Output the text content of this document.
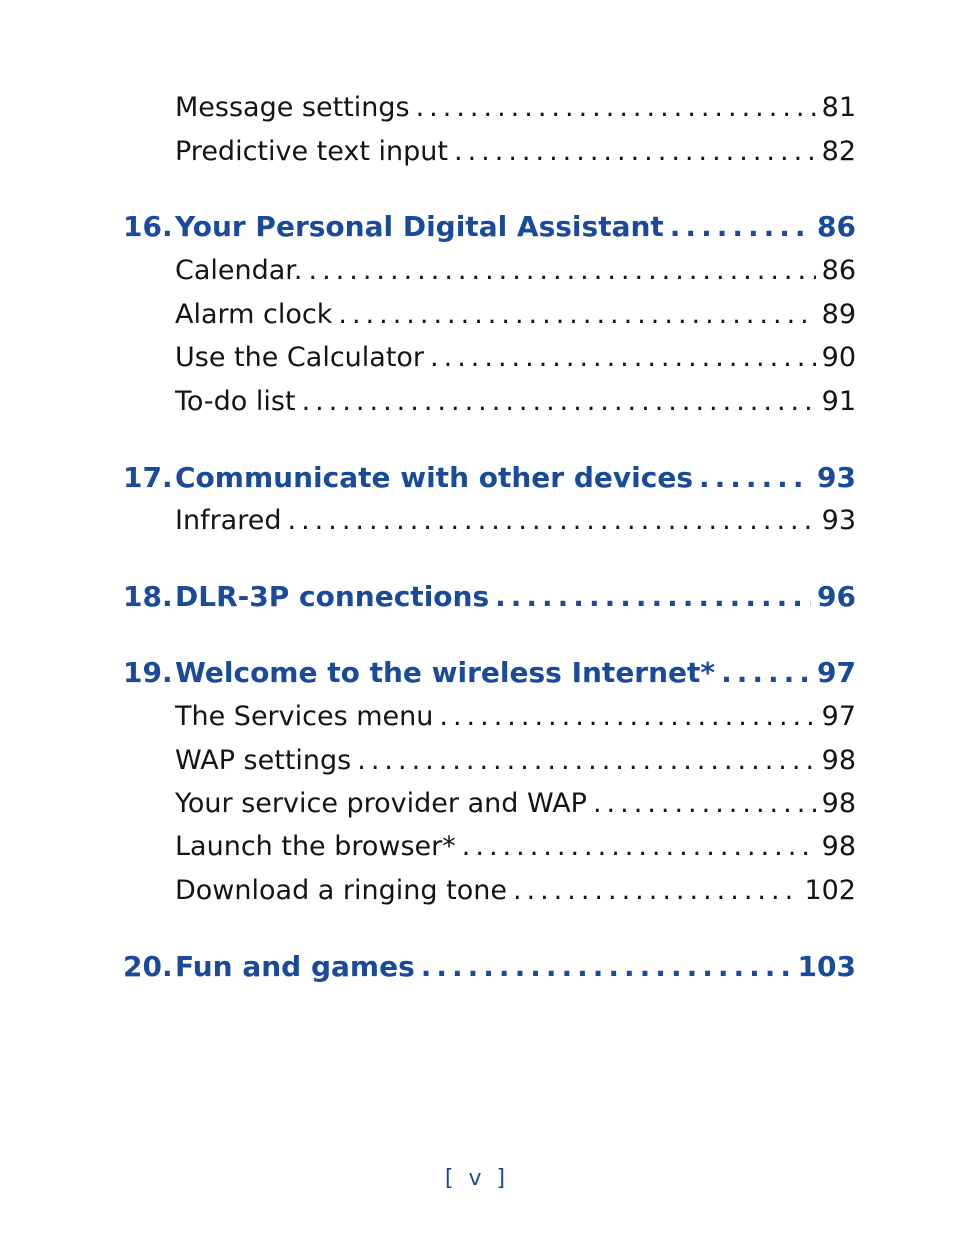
Message settings .....	81
Predictive text input .....	82
16. Your Personal Digital Assistant .....	86
Calendar. .....	86
Alarm clock .....	89
Use the Calculator .....	90
To-do list .....	91
17. Communicate with other devices .....	93
Infrared .....	93
18. DLR-3P connections .....	96
19. Welcome to the wireless Internet* .....	97
The Services menu .....	97
WAP settings .....	98
Your service provider and WAP .....	98
Launch the browser* .....	98
Download a ringing tone .....	102
20. Fun and games .....	103
[ v ]
